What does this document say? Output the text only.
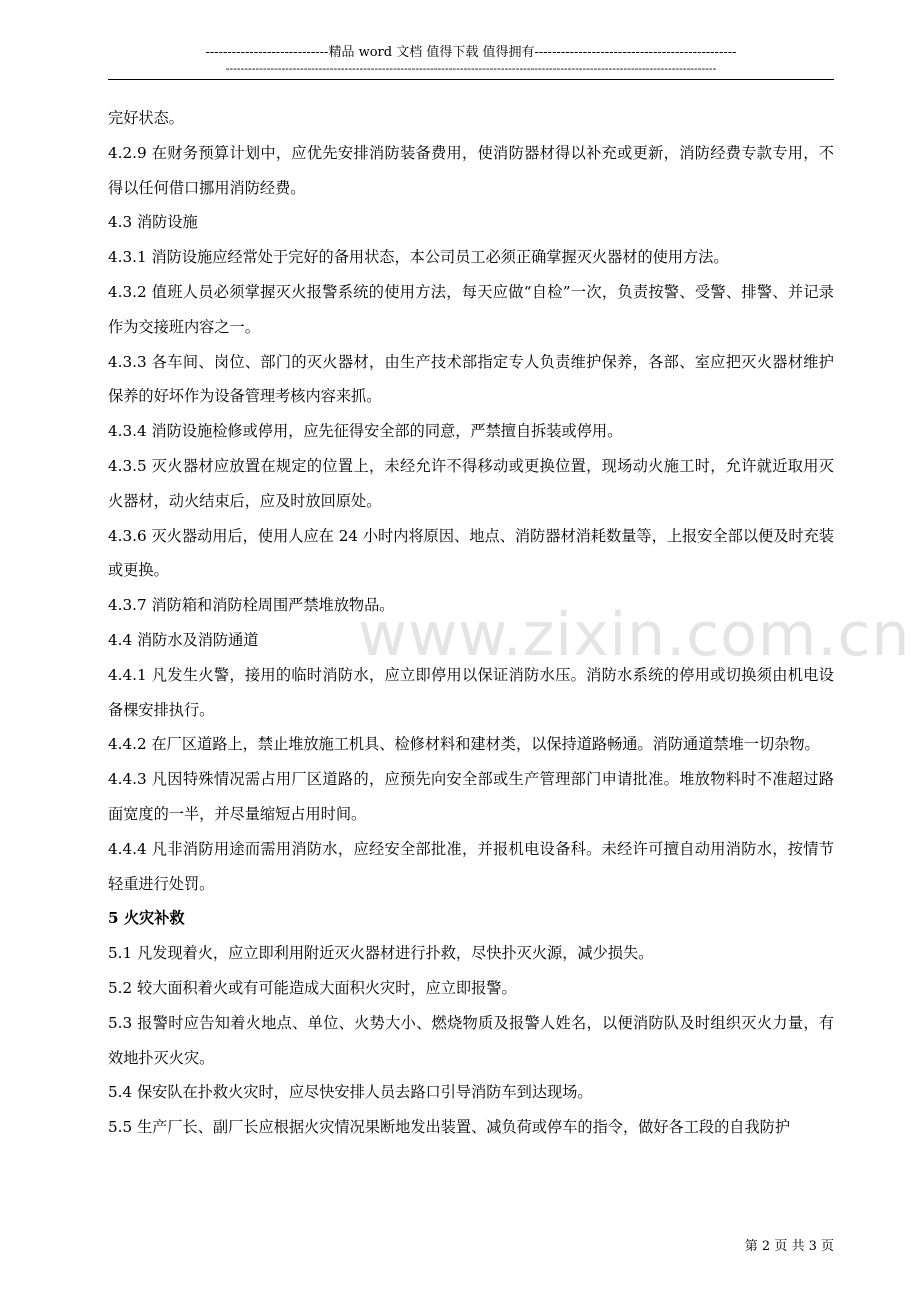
----------------------------精品 word 文档 值得下载 值得拥有----------------------------------------------
------------------------------------------------------------------------------------------------------------------------------------
www.zixin.com.cn

完好状态。

4.2.9 在财务预算计划中，应优先安排消防装备费用，使消防器材得以补充或更新，消防经费专款专用，不得以任何借口挪用消防经费。

4.3 消防设施

4.3.1 消防设施应经常处于完好的备用状态，本公司员工必须正确掌握灭火器材的使用方法。

4.3.2 值班人员必须掌握灭火报警系统的使用方法，每天应做“自检”一次，负责按警、受警、排警、并记录作为交接班内容之一。

4.3.3 各车间、岗位、部门的灭火器材，由生产技术部指定专人负责维护保养，各部、室应把灭火器材维护保养的好坏作为设备管理考核内容来抓。

4.3.4 消防设施检修或停用，应先征得安全部的同意，严禁擅自拆装或停用。

4.3.5 灭火器材应放置在规定的位置上，未经允许不得移动或更换位置，现场动火施工时，允许就近取用灭火器材，动火结束后，应及时放回原处。

4.3.6 灭火器动用后，使用人应在 24 小时内将原因、地点、消防器材消耗数量等，上报安全部以便及时充装或更换。

4.3.7 消防箱和消防栓周围严禁堆放物品。

4.4 消防水及消防通道

4.4.1 凡发生火警，接用的临时消防水，应立即停用以保证消防水压。消防水系统的停用或切换须由机电设备棵安排执行。

4.4.2 在厂区道路上，禁止堆放施工机具、检修材料和建材类，以保持道路畅通。消防通道禁堆一切杂物。

4.4.3 凡因特殊情况需占用厂区道路的，应预先向安全部或生产管理部门申请批准。堆放物料时不准超过路面宽度的一半，并尽量缩短占用时间。

4.4.4 凡非消防用途而需用消防水，应经安全部批准，并报机电设备科。未经许可擅自动用消防水，按情节轻重进行处罚。

5 火灾补救

5.1 凡发现着火，应立即利用附近灭火器材进行扑救，尽快扑灭火源，减少损失。

5.2 较大面积着火或有可能造成大面积火灾时，应立即报警。

5.3 报警时应告知着火地点、单位、火势大小、燃烧物质及报警人姓名，以便消防队及时组织灭火力量，有效地扑灭火灾。

5.4 保安队在扑救火灾时，应尽快安排人员去路口引导消防车到达现场。

5.5 生产厂长、副厂长应根据火灾情况果断地发出装置、减负荷或停车的指令，做好各工段的自我防护

第 2 页 共 3 页
